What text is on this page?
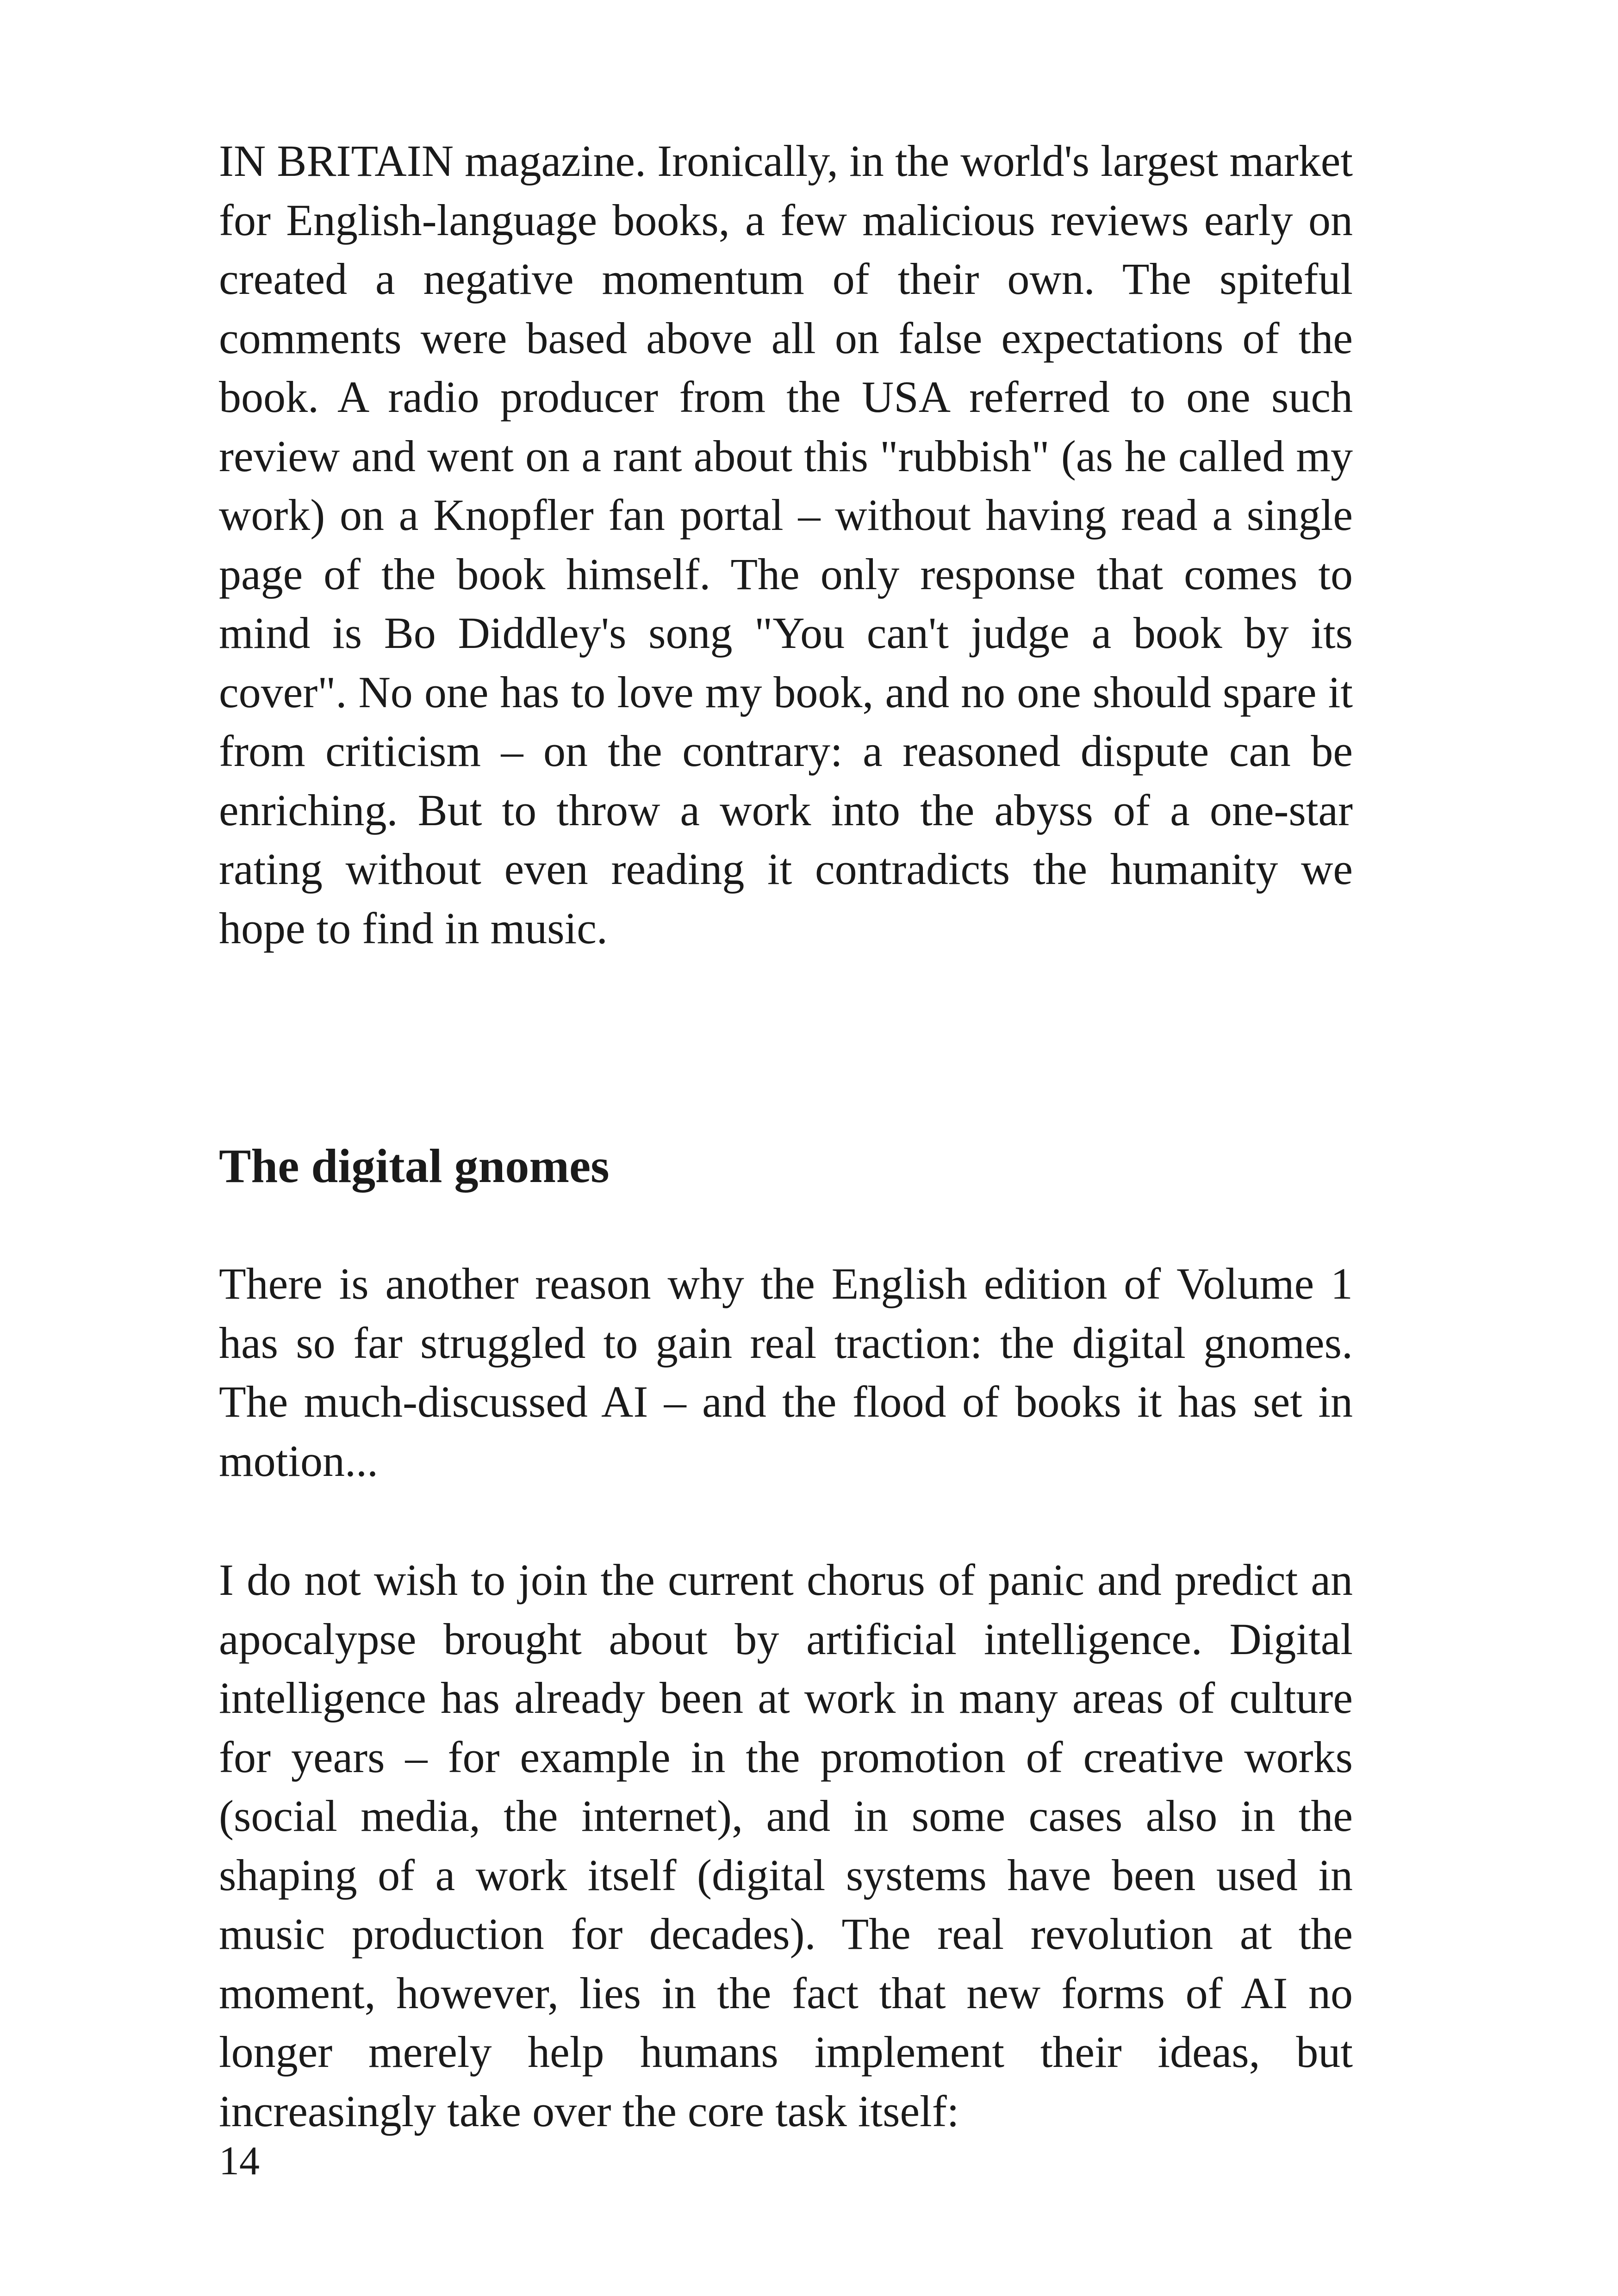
IN BRITAIN magazine. Ironically, in the world's largest market for English-language books, a few malicious reviews early on created a negative momentum of their own. The spiteful comments were based above all on false expectations of the book. A radio producer from the USA referred to one such review and went on a rant about this "rubbish" (as he called my work) on a Knopfler fan portal – without having read a single page of the book himself. The only response that comes to mind is Bo Diddley's song "You can't judge a book by its cover". No one has to love my book, and no one should spare it from criticism – on the contrary: a reasoned dispute can be enriching. But to throw a work into the abyss of a one-star rating without even reading it contradicts the humanity we hope to find in music.

The digital gnomes

There is another reason why the English edition of Volume 1 has so far struggled to gain real traction: the digital gnomes. The much-discussed AI – and the flood of books it has set in motion...

I do not wish to join the current chorus of panic and predict an apocalypse brought about by artificial intelligence. Digital intelligence has already been at work in many areas of culture for years – for example in the promotion of creative works (social media, the internet), and in some cases also in the shaping of a work itself (digital systems have been used in music production for decades). The real revolution at the moment, however, lies in the fact that new forms of AI no longer merely help humans implement their ideas, but increasingly take over the core task itself:

14
